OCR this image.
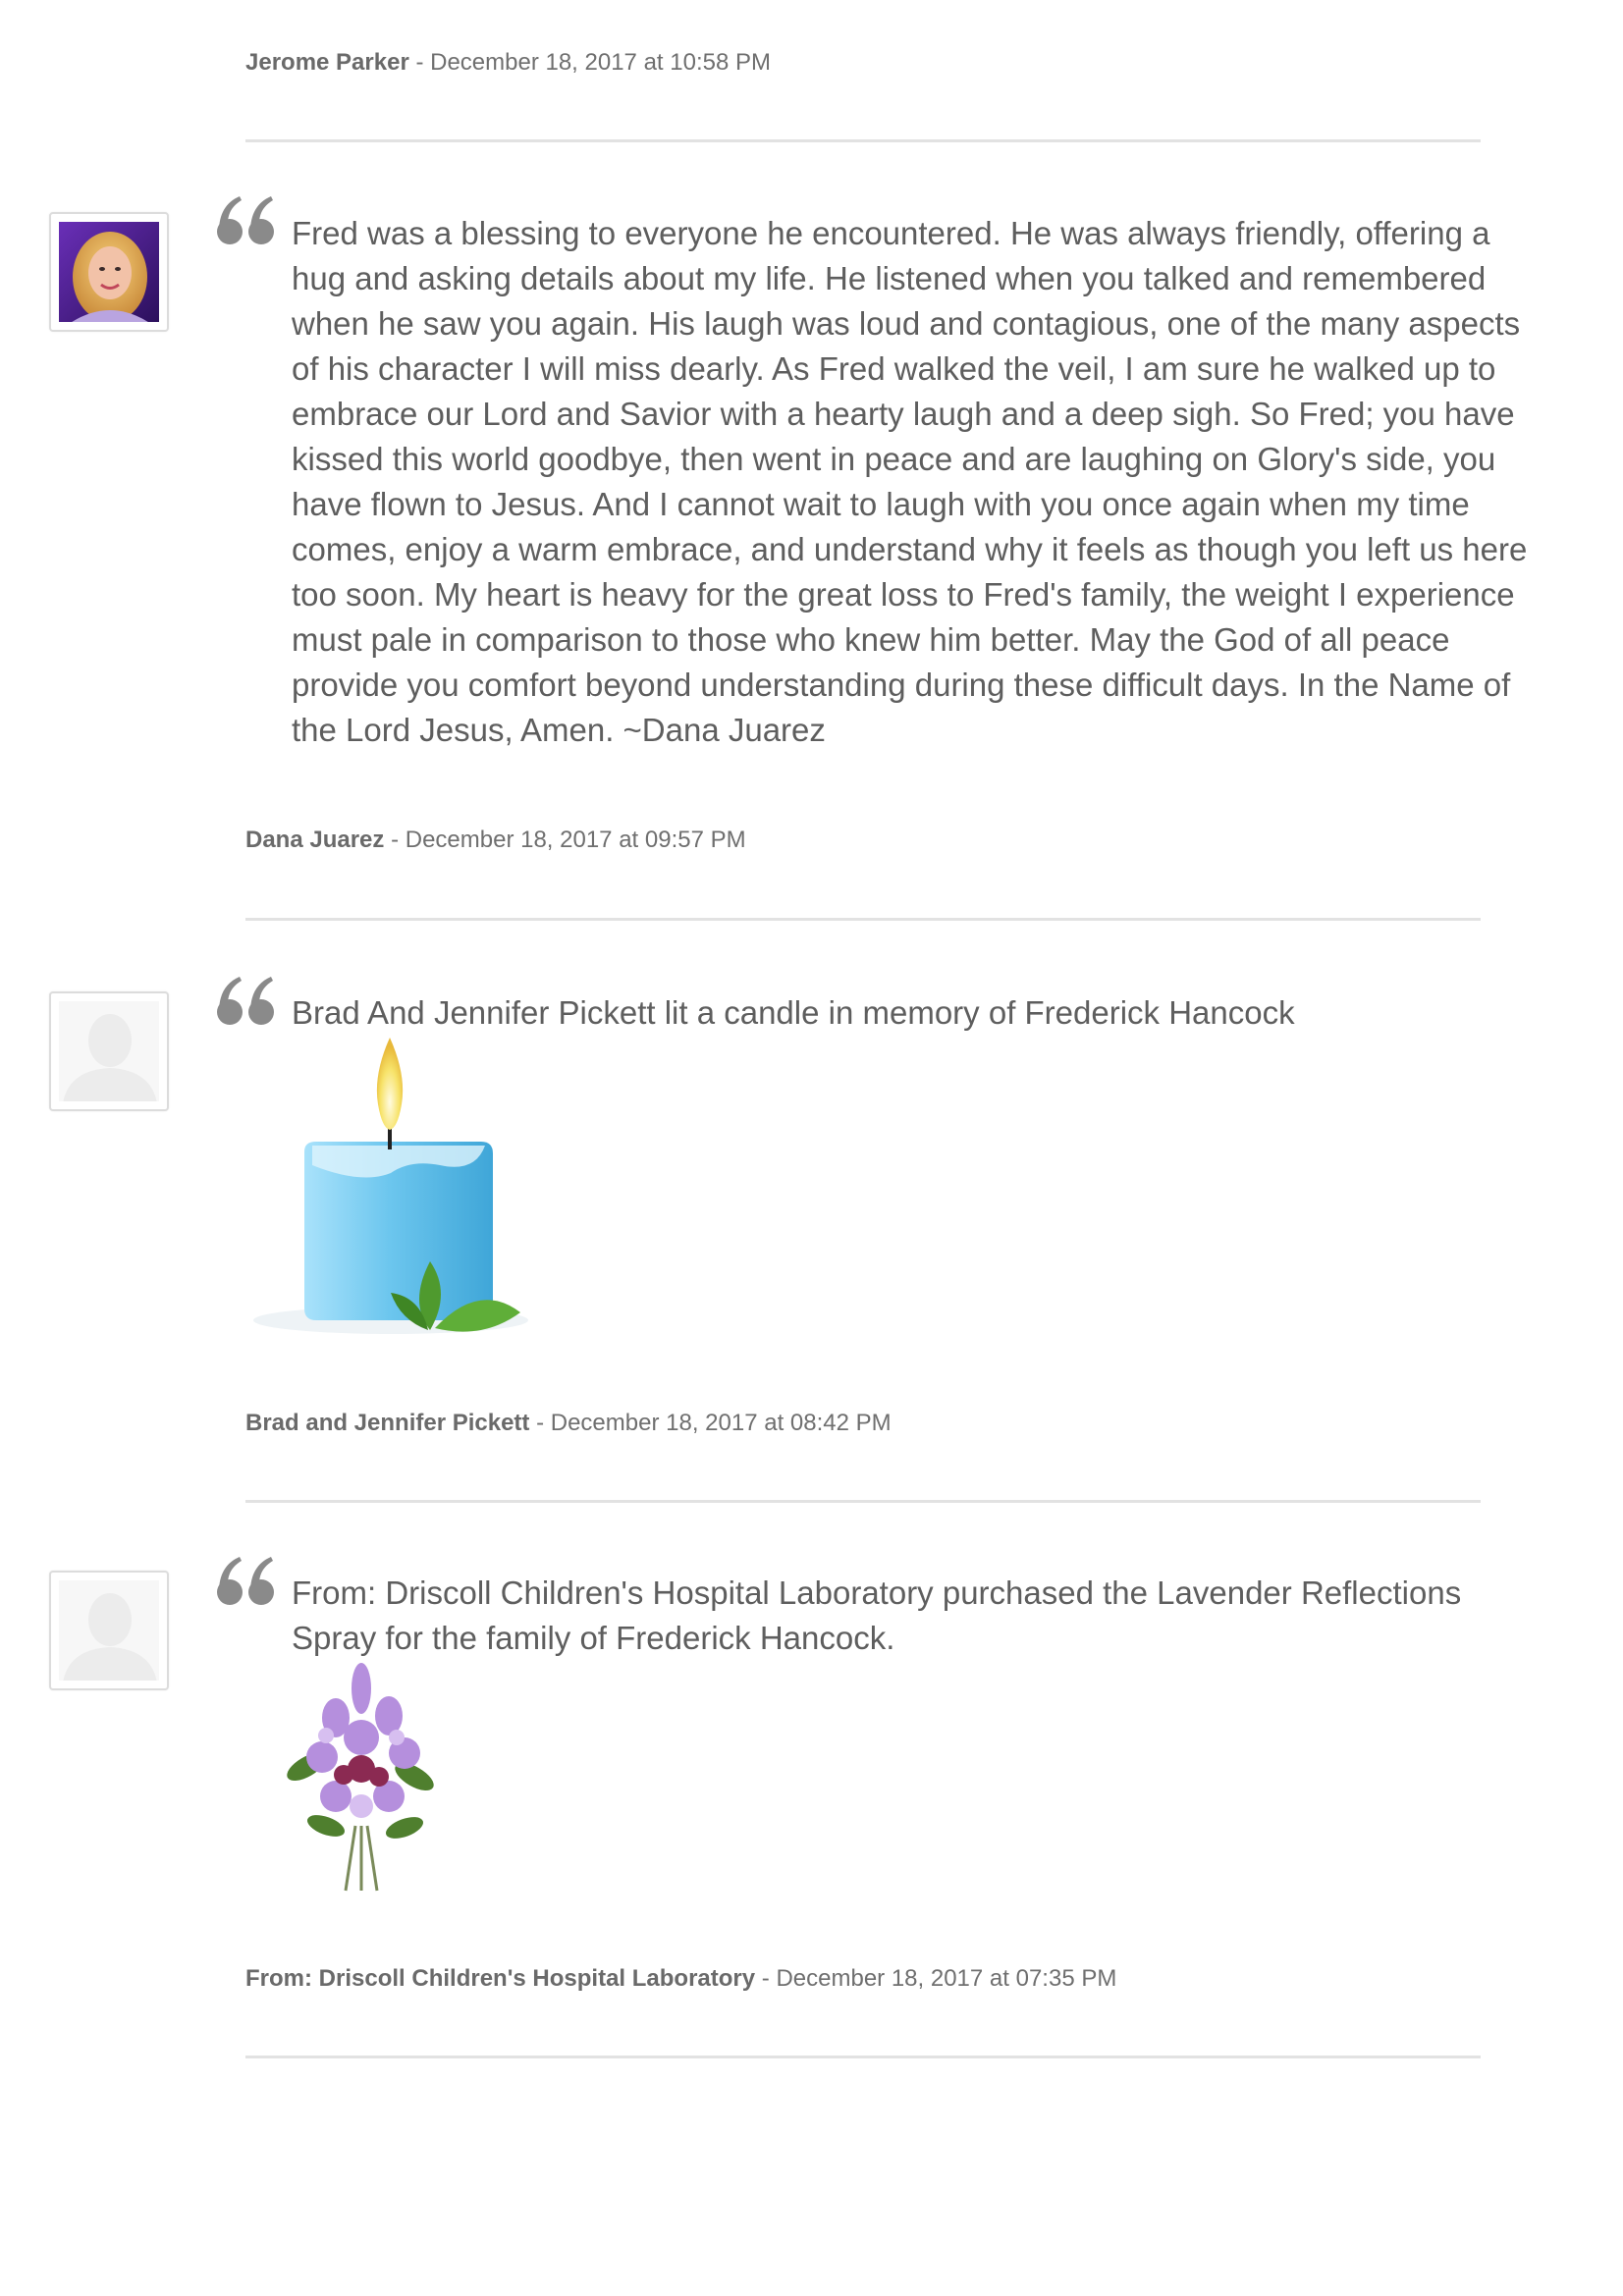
Jerome Parker - December 18, 2017 at 10:58 PM
Fred was a blessing to everyone he encountered. He was always friendly, offering a hug and asking details about my life. He listened when you talked and remembered when he saw you again. His laugh was loud and contagious, one of the many aspects of his character I will miss dearly. As Fred walked the veil, I am sure he walked up to embrace our Lord and Savior with a hearty laugh and a deep sigh. So Fred; you have kissed this world goodbye, then went in peace and are laughing on Glory's side, you have flown to Jesus. And I cannot wait to laugh with you once again when my time comes, enjoy a warm embrace, and understand why it feels as though you left us here too soon. My heart is heavy for the great loss to Fred's family, the weight I experience must pale in comparison to those who knew him better. May the God of all peace provide you comfort beyond understanding during these difficult days. In the Name of the Lord Jesus, Amen. ~Dana Juarez
Dana Juarez - December 18, 2017 at 09:57 PM
Brad And Jennifer Pickett lit a candle in memory of Frederick Hancock
Brad and Jennifer Pickett - December 18, 2017 at 08:42 PM
From: Driscoll Children's Hospital Laboratory purchased the Lavender Reflections Spray for the family of Frederick Hancock.
From: Driscoll Children's Hospital Laboratory - December 18, 2017 at 07:35 PM
